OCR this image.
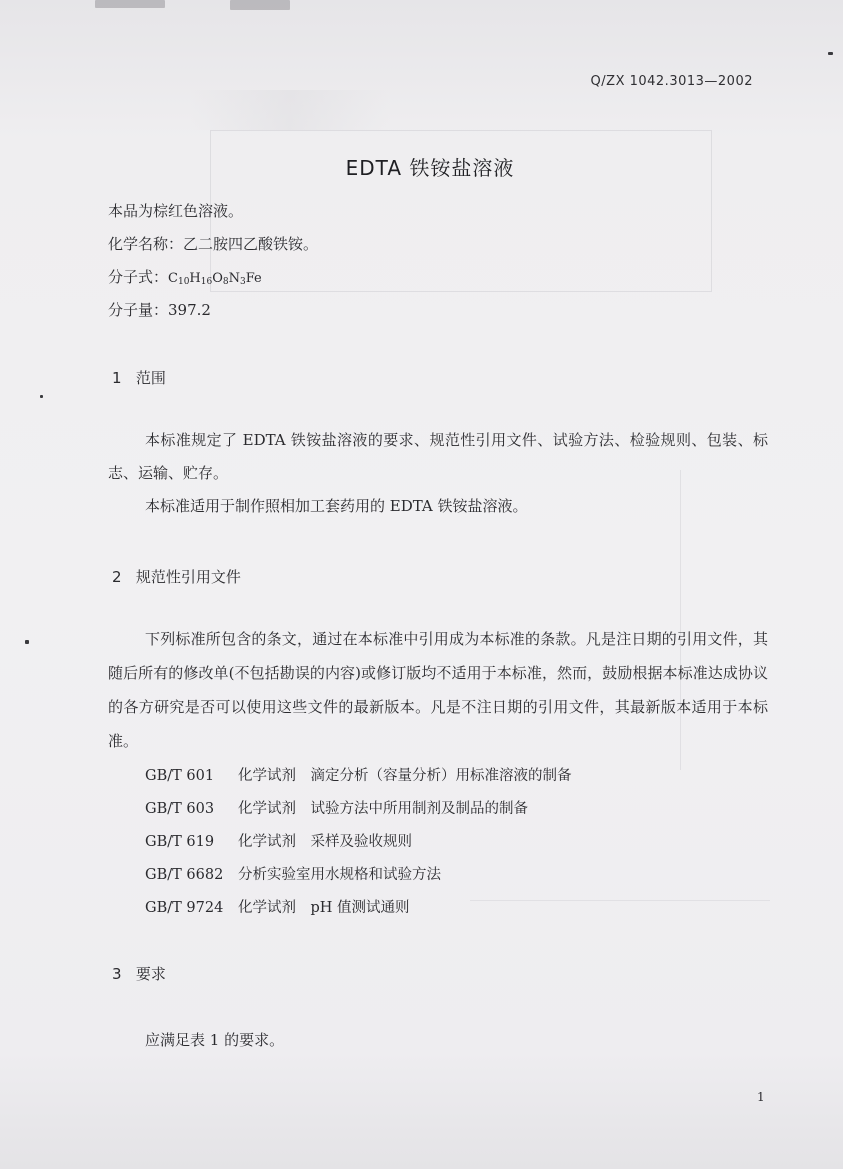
Q/ZX 1042.3013—2002
EDTA 铁铵盐溶液
本品为棕红色溶液。
化学名称：乙二胺四乙酸铁铵。
分子式：$C_{10}H_{16}O_8N_3Fe$
分子量：397.2
1 范围
本标准规定了 EDTA 铁铵盐溶液的要求、规范性引用文件、试验方法、检验规则、包装、标志、运输、贮存。
本标准适用于制作照相加工套药用的 EDTA 铁铵盐溶液。
2 规范性引用文件
下列标准所包含的条文，通过在本标准中引用成为本标准的条款。凡是注日期的引用文件，其随后所有的修改单(不包括勘误的内容)或修订版均不适用于本标准，然而，鼓励根据本标准达成协议的各方研究是否可以使用这些文件的最新版本。凡是不注日期的引用文件，其最新版本适用于本标准。
GB/T 601 化学试剂　滴定分析（容量分析）用标准溶液的制备
GB/T 603 化学试剂　试验方法中所用制剂及制品的制备
GB/T 619 化学试剂　采样及验收规则
GB/T 6682 分析实验室用水规格和试验方法
GB/T 9724 化学试剂　pH 值测试通则
3 要求
应满足表 1 的要求。
1
